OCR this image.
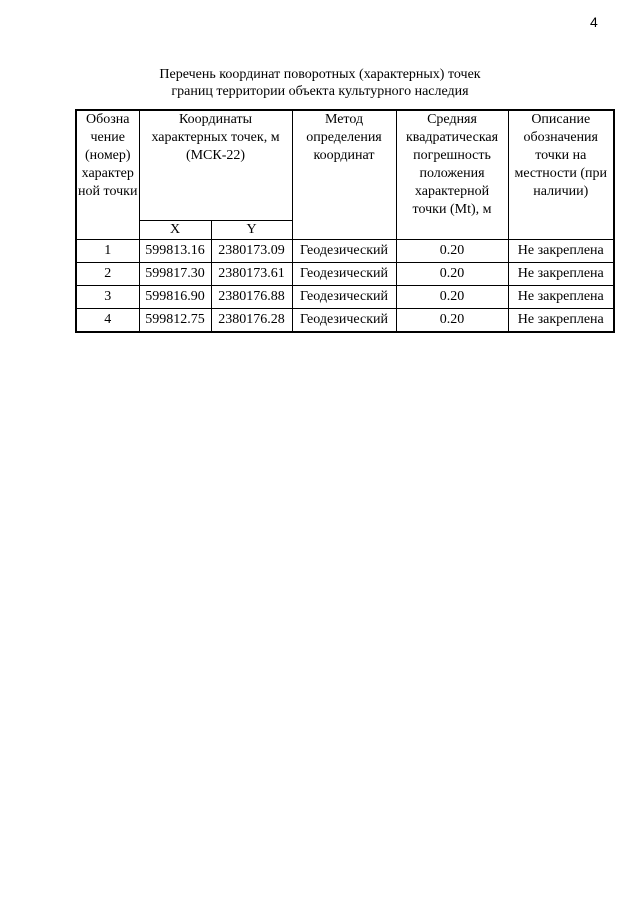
4
Перечень координат поворотных (характерных) точек
границ территории объекта культурного наследия
Обозна чение (номер) характер ной точки	Координаты характерных точек, м (МСК-22)		Метод определения координат	Средняя квадратическая погрешность положения характерной точки (Mt), м	Описание обозначения точки на местности (при наличии)
	X	Y			
1	599813.16	2380173.09	Геодезический	0.20	Не закреплена
2	599817.30	2380173.61	Геодезический	0.20	Не закреплена
3	599816.90	2380176.88	Геодезический	0.20	Не закреплена
4	599812.75	2380176.28	Геодезический	0.20	Не закреплена
